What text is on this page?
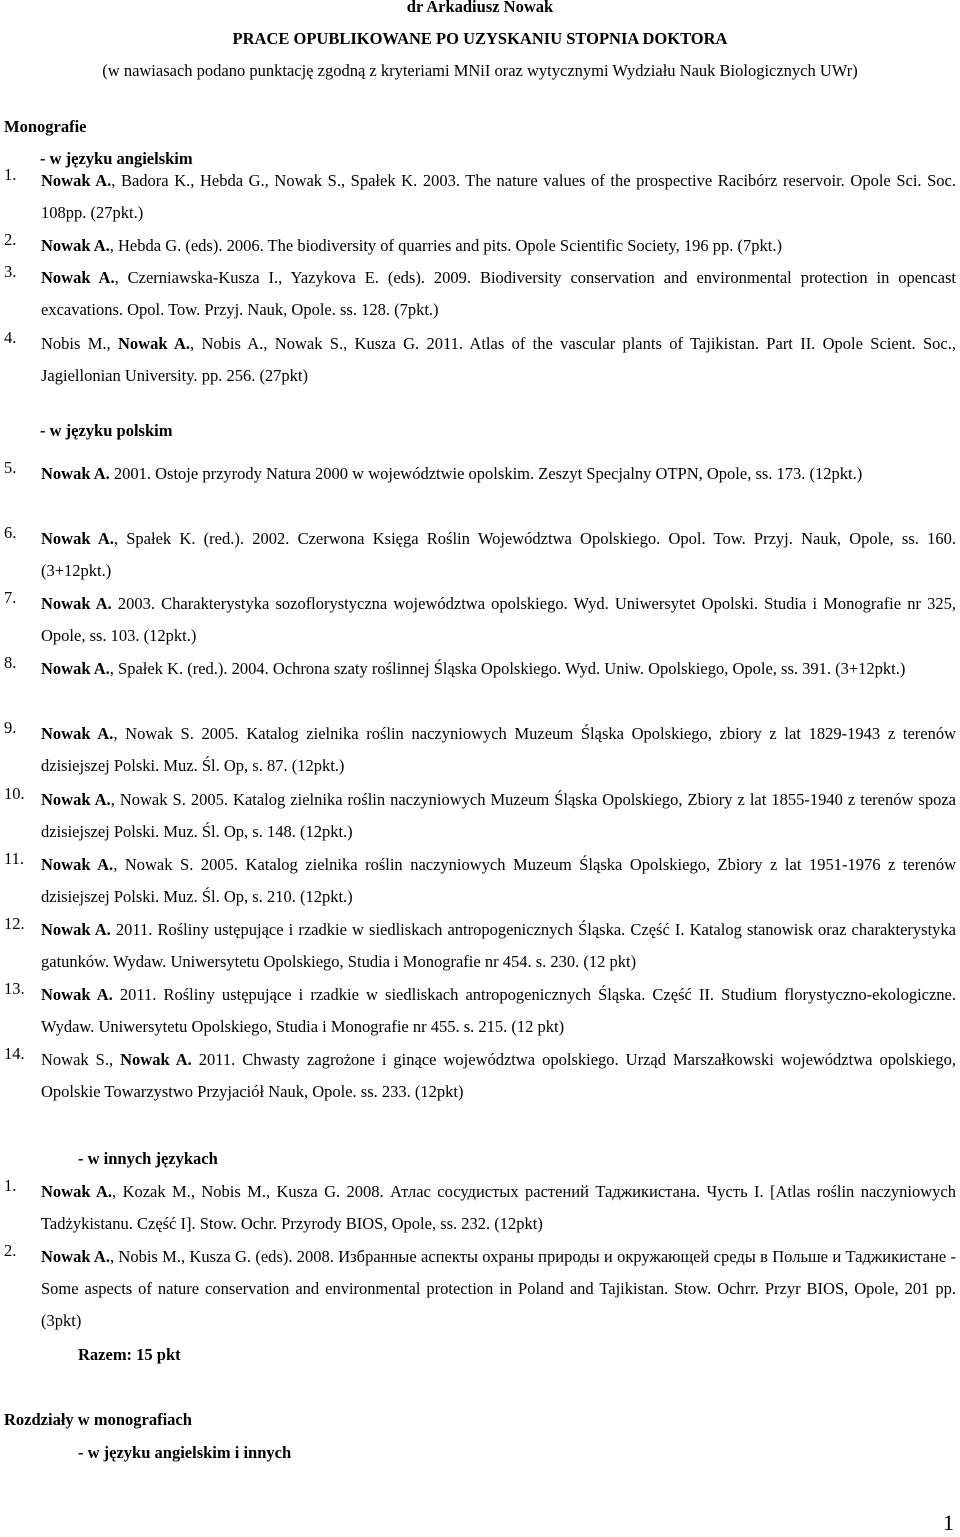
dr Arkadiusz Nowak
PRACE OPUBLIKOWANE PO UZYSKANIU STOPNIA DOKTORA
(w nawiasach podano punktację zgodną z kryteriami MNiI oraz wytycznymi Wydziału Nauk Biologicznych UWr)
Monografie
- w języku angielskim
1.	Nowak A., Badora K., Hebda G., Nowak S., Spałek K. 2003. The nature values of the prospective Racibórz reservoir. Opole Sci. Soc. 108pp. (27pkt.)
2.	Nowak A., Hebda G. (eds). 2006. The biodiversity of quarries and pits. Opole Scientific Society, 196 pp. (7pkt.)
3.	Nowak A., Czerniawska-Kusza I., Yazykova E. (eds). 2009. Biodiversity conservation and environmental protection in opencast excavations. Opol. Tow. Przyj. Nauk, Opole. ss. 128. (7pkt.)
4.	Nobis M., Nowak A., Nobis A., Nowak S., Kusza G. 2011. Atlas of the vascular plants of Tajikistan. Part II. Opole Scient. Soc., Jagiellonian University. pp. 256. (27pkt)
- w języku polskim
5.	Nowak A. 2001. Ostoje przyrody Natura 2000 w województwie opolskim. Zeszyt Specjalny OTPN, Opole, ss. 173. (12pkt.)
6.	Nowak A., Spałek K. (red.). 2002. Czerwona Księga Roślin Województwa Opolskiego. Opol. Tow. Przyj. Nauk, Opole, ss. 160. (3+12pkt.)
7.	Nowak A. 2003. Charakterystyka sozoflorystyczna województwa opolskiego. Wyd. Uniwersytet Opolski. Studia i Monografie nr 325, Opole, ss. 103. (12pkt.)
8.	Nowak A., Spałek K. (red.). 2004. Ochrona szaty roślinnej Śląska Opolskiego. Wyd. Uniw. Opolskiego, Opole, ss. 391. (3+12pkt.)
9.	Nowak A., Nowak S. 2005. Katalog zielnika roślin naczyniowych Muzeum Śląska Opolskiego, zbiory z lat 1829-1943 z terenów dzisiejszej Polski. Muz. Śl. Op, s. 87. (12pkt.)
10. Nowak A., Nowak S. 2005. Katalog zielnika roślin naczyniowych Muzeum Śląska Opolskiego, Zbiory z lat 1855-1940 z terenów spoza dzisiejszej Polski. Muz. Śl. Op, s. 148. (12pkt.)
11.	Nowak A., Nowak S. 2005. Katalog zielnika roślin naczyniowych Muzeum Śląska Opolskiego, Zbiory z lat 1951-1976 z terenów dzisiejszej Polski. Muz. Śl. Op, s. 210. (12pkt.)
12. Nowak A. 2011. Rośliny ustępujące i rzadkie w siedliskach antropogenicznych Śląska. Część I. Katalog stanowisk oraz charakterystyka gatunków. Wydaw. Uniwersytetu Opolskiego, Studia i Monografie nr 454. s. 230. (12 pkt)
13. Nowak A. 2011. Rośliny ustępujące i rzadkie w siedliskach antropogenicznych Śląska. Część II. Studium florystyczno-ekologiczne. Wydaw. Uniwersytetu Opolskiego, Studia i Monografie nr 455. s. 215. (12 pkt)
14. Nowak S., Nowak A. 2011. Chwasty zagrożone i ginące województwa opolskiego. Urząd Marszałkowski województwa opolskiego, Opolskie Towarzystwo Przyjaciół Nauk, Opole. ss. 233. (12pkt)
- w innych językach
1.	Nowak A., Kozak M., Nobis M., Kusza G. 2008. Атлас сосудистых растений Таджикистана. Чусть I. [Atlas roślin naczyniowych Tadżykistanu. Część I]. Stow. Ochr. Przyrody BIOS, Opole, ss. 232. (12pkt)
2.	Nowak A., Nobis M., Kusza G. (eds). 2008. Избранные аспекты охраны природы и окружающей среды в Польше и Таджикистане - Some aspects of nature conservation and environmental protection in Poland and Tajikistan. Stow. Ochrr. Przyr BIOS, Opole, 201 pp. (3pkt)
Razem: 15 pkt
Rozdziały w monografiach
- w języku angielskim i innych
1
